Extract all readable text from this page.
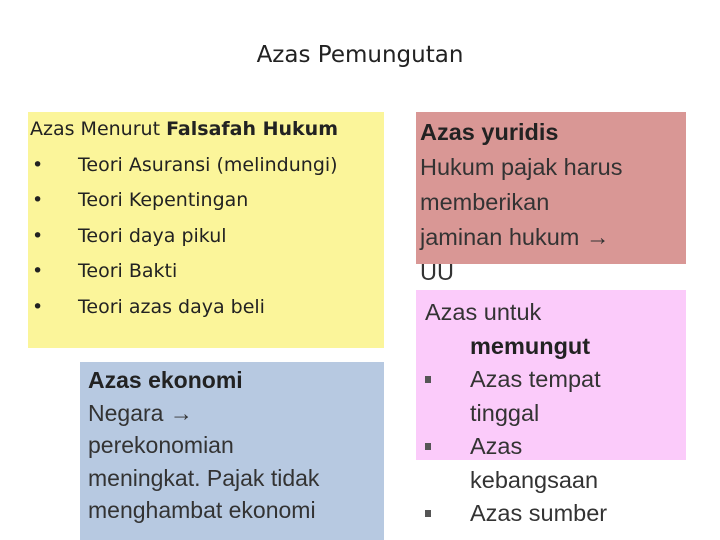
Azas Pemungutan
Azas Menurut Falsafah Hukum
• Teori Asuransi (melindungi)
• Teori Kepentingan
• Teori daya pikul
• Teori Bakti
• Teori azas daya beli
Azas ekonomi
Negara →
perekonomian
meningkat. Pajak tidak
menghambat ekonomi
Azas yuridis
Hukum pajak harus
memberikan
jaminan hukum →
UU
Azas untuk
memungut
Azas tempat
tinggal
Azas
kebangsaan
Azas sumber
